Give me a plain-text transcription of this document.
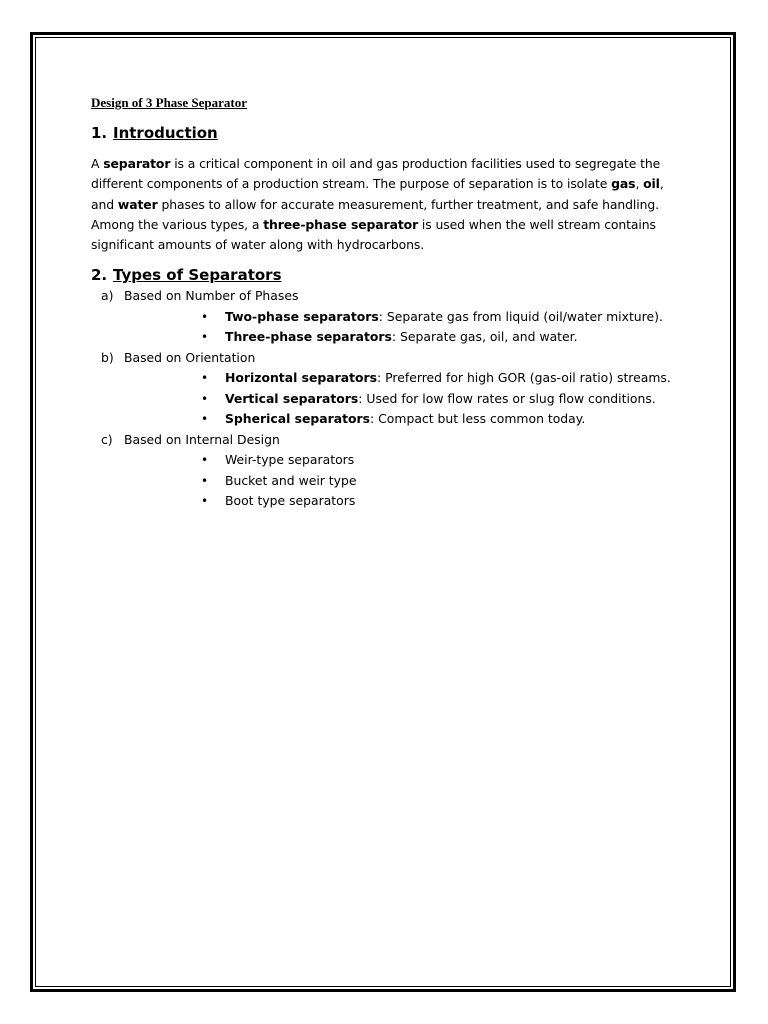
Design of 3 Phase Separator

1. Introduction

A separator is a critical component in oil and gas production facilities used to segregate the different components of a production stream. The purpose of separation is to isolate gas, oil, and water phases to allow for accurate measurement, further treatment, and safe handling. Among the various types, a three-phase separator is used when the well stream contains significant amounts of water along with hydrocarbons.

2. Types of Separators
a) Based on Number of Phases
•	Two-phase separators: Separate gas from liquid (oil/water mixture).
•	Three-phase separators: Separate gas, oil, and water.
b) Based on Orientation
•	Horizontal separators: Preferred for high GOR (gas-oil ratio) streams.
•	Vertical separators: Used for low flow rates or slug flow conditions.
•	Spherical separators: Compact but less common today.
c) Based on Internal Design
•	Weir-type separators
•	Bucket and weir type
•	Boot type separators
